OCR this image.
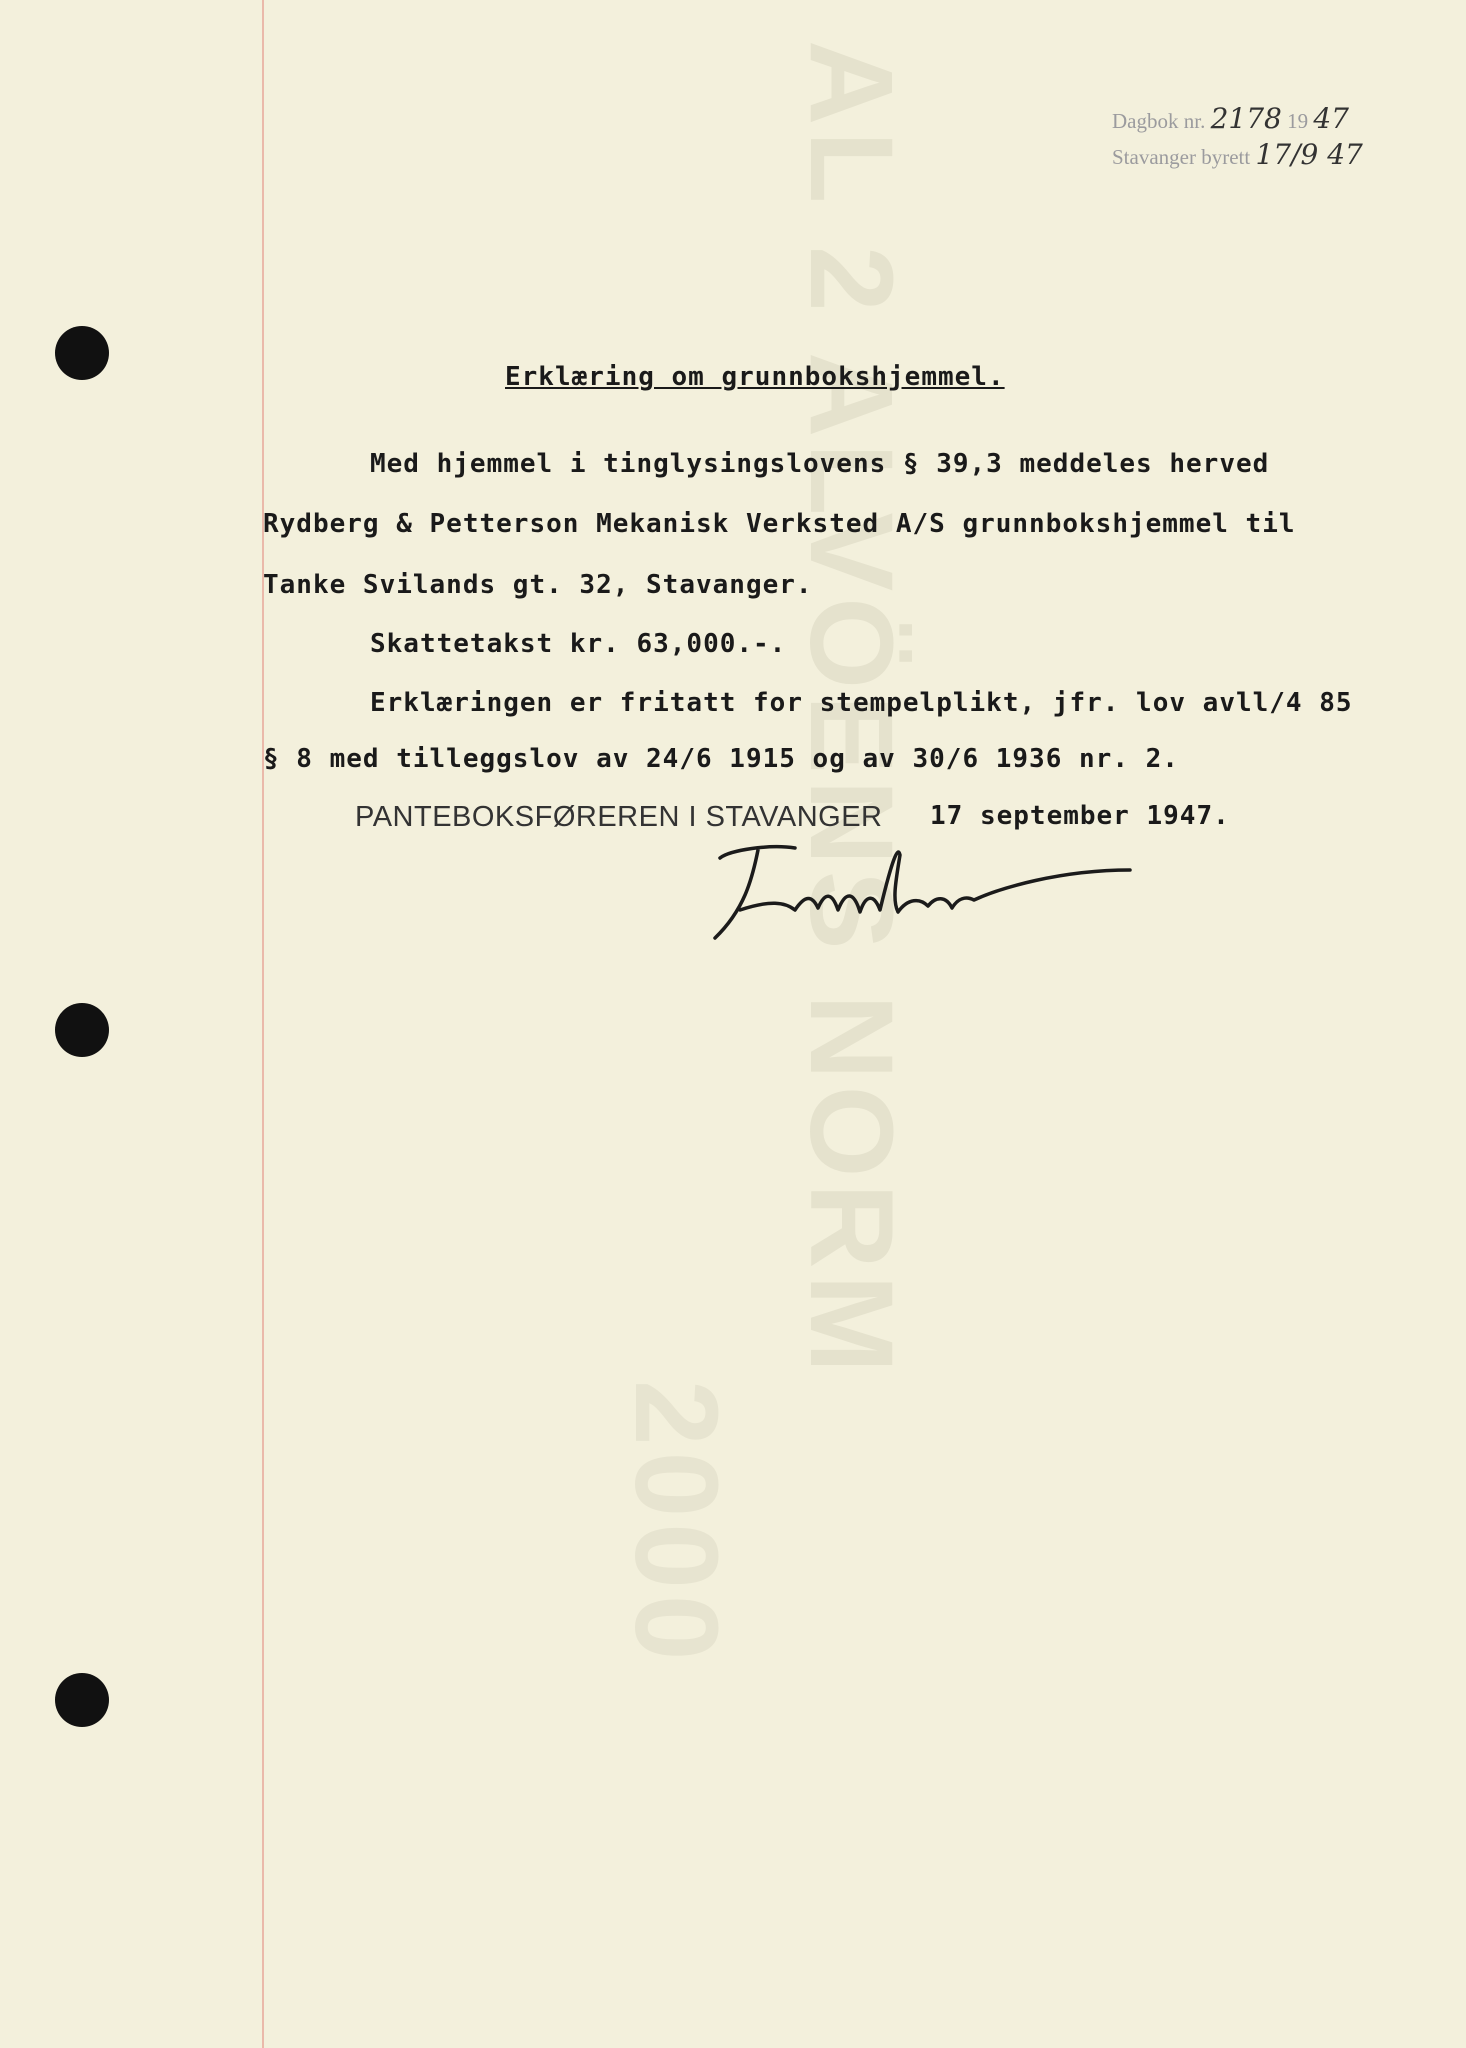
AL 2 ALVÖENS NORM
2000
Dagbok nr. 2178 19 47
Stavanger byrett 17/9 47
Erklæring om grunnbokshjemmel.
Med hjemmel i tinglysingslovens § 39,3 meddeles herved
Rydberg & Petterson Mekanisk Verksted A/S grunnbokshjemmel til
Tanke Svilands gt. 32, Stavanger.
Skattetakst kr. 63,000.-.
Erklæringen er fritatt for stempelplikt, jfr. lov avll/4 85
§ 8 med tilleggslov av 24/6 1915 og av 30/6 1936 nr. 2.
PANTEBOKSFØREREN I STAVANGER 17 september 1947.
